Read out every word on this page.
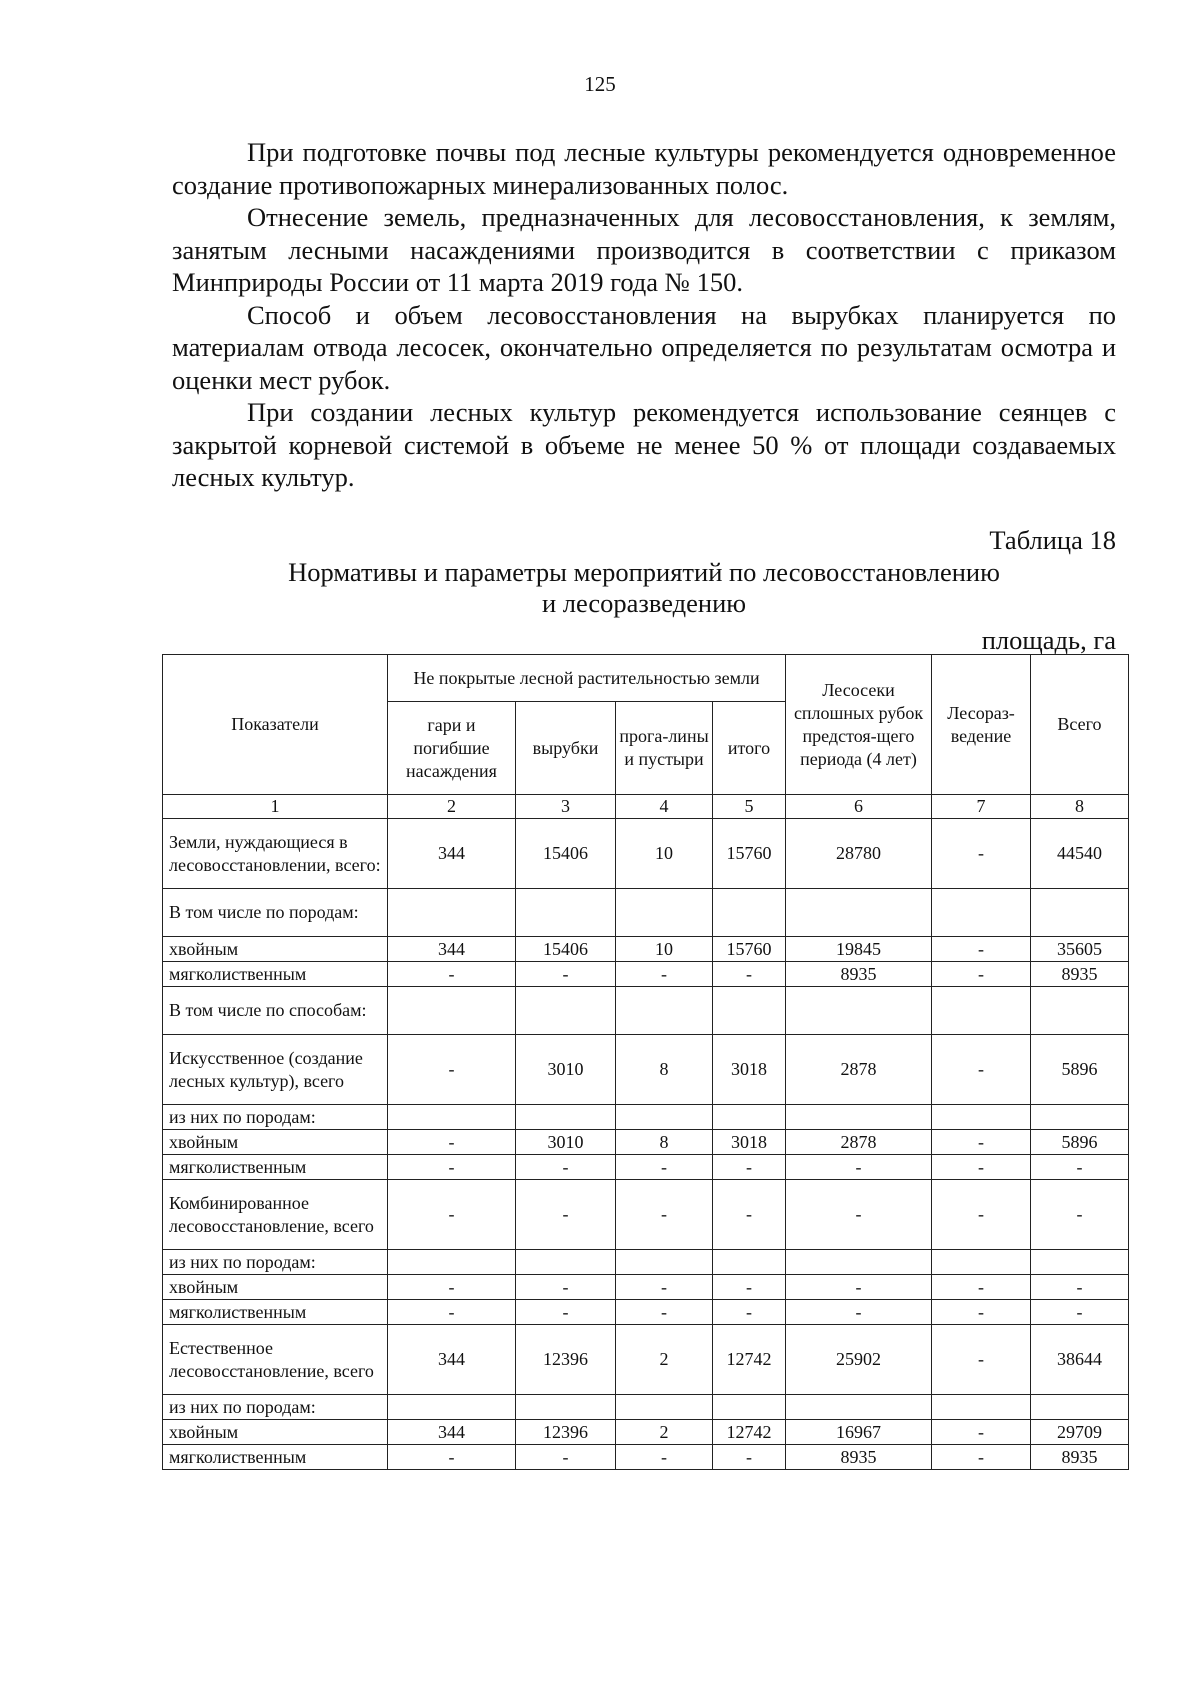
125

При подготовке почвы под лесные культуры рекомендуется одновременное создание противопожарных минерализованных полос.

Отнесение земель, предназначенных для лесовосстановления, к землям, занятым лесными насаждениями производится в соответствии с приказом Минприроды России от 11 марта 2019 года № 150.

Способ и объем лесовосстановления на вырубках планируется по материалам отвода лесосек, окончательно определяется по результатам осмотра и оценки мест рубок.

При создании лесных культур рекомендуется использование сеянцев с закрытой корневой системой в объеме не менее 50 % от площади создаваемых лесных культур.

Таблица 18
Нормативы и параметры мероприятий по лесовосстановлению
и лесоразведению
площадь, га
Показатели	Не покрытые лесной растительностью земли				Лесосеки сплошных рубок предстоя-щего периода (4 лет)	Лесораз-ведение	Всего
	гари и погибшие насаждения	вырубки	прога-лины и пустыри	итого			
1	2	3	4	5	6	7	8
Земли, нуждающиеся в лесовосстановлении, всего:	344	15406	10	15760	28780	-	44540
В том числе по породам:							
хвойным	344	15406	10	15760	19845	-	35605
мягколиственным	-	-	-	-	8935	-	8935
В том числе по способам:							
Искусственное (создание лесных культур), всего	-	3010	8	3018	2878	-	5896
из них по породам:							
хвойным	-	3010	8	3018	2878	-	5896
мягколиственным	-	-	-	-	-	-	-
Комбинированное лесовосстановление, всего	-	-	-	-	-	-	-
из них по породам:							
хвойным	-	-	-	-	-	-	-
мягколиственным	-	-	-	-	-	-	-
Естественное лесовосстановление, всего	344	12396	2	12742	25902	-	38644
из них по породам:							
хвойным	344	12396	2	12742	16967	-	29709
мягколиственным	-	-	-	-	8935	-	8935
